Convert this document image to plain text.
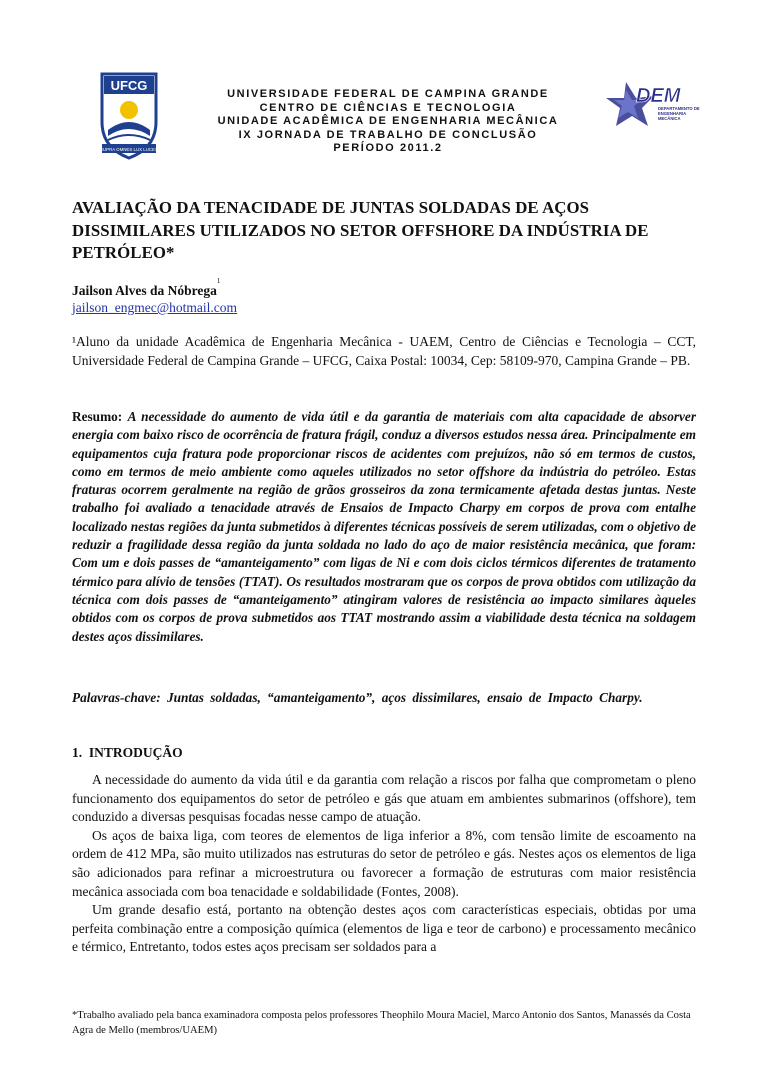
UFCG
SUPRA OMNES LUX LUCES
UNIVERSIDADE FEDERAL DE CAMPINA GRANDE
CENTRO DE CIÊNCIAS E TECNOLOGIA
UNIDADE ACADÊMICA DE ENGENHARIA MECÂNICA
IX JORNADA DE TRABALHO DE CONCLUSÃO
PERÍODO 2011.2
DEM
DEPARTAMENTO DE ENGENHARIA MECÂNICA
AVALIAÇÃO DA TENACIDADE DE JUNTAS SOLDADAS DE AÇOS DISSIMILARES UTILIZADOS NO SETOR OFFSHORE DA INDÚSTRIA DE PETRÓLEO*
Jailson Alves da Nóbrega$^1$
jailson_engmec@hotmail.com
¹Aluno da unidade Acadêmica de Engenharia Mecânica - UAEM, Centro de Ciências e Tecnologia – CCT, Universidade Federal de Campina Grande – UFCG, Caixa Postal: 10034, Cep: 58109-970, Campina Grande – PB.
Resumo: A necessidade do aumento de vida útil e da garantia de materiais com alta capacidade de absorver energia com baixo risco de ocorrência de fratura frágil, conduz a diversos estudos nessa área. Principalmente em equipamentos cuja fratura pode proporcionar riscos de acidentes com prejuízos, não só em termos de custos, como em termos de meio ambiente como aqueles utilizados no setor offshore da indústria do petróleo. Estas fraturas ocorrem geralmente na região de grãos grosseiros da zona termicamente afetada destas juntas. Neste trabalho foi avaliado a tenacidade através de Ensaios de Impacto Charpy em corpos de prova com entalhe localizado nestas regiões da junta submetidos à diferentes técnicas possíveis de serem utilizadas, com o objetivo de reduzir a fragilidade dessa região da junta soldada no lado do aço de maior resistência mecânica, que foram: Com um e dois passes de “amanteigamento” com ligas de Ni e com dois ciclos térmicos diferentes de tratamento térmico para alívio de tensões (TTAT). Os resultados mostraram que os corpos de prova obtidos com utilização da técnica com dois passes de “amanteigamento” atingiram valores de resistência ao impacto similares àqueles obtidos com os corpos de prova submetidos aos TTAT mostrando assim a viabilidade desta técnica na soldagem destes aços dissimilares.
Palavras-chave: Juntas soldadas, “amanteigamento”, aços dissimilares, ensaio de Impacto Charpy.
1. INTRODUÇÃO

A necessidade do aumento da vida útil e da garantia com relação a riscos por falha que comprometam o pleno funcionamento dos equipamentos do setor de petróleo e gás que atuam em ambientes submarinos (offshore), tem conduzido a diversas pesquisas focadas nesse campo de atuação.

Os aços de baixa liga, com teores de elementos de liga inferior a 8%, com tensão limite de escoamento na ordem de 412 MPa, são muito utilizados nas estruturas do setor de petróleo e gás. Nestes aços os elementos de liga são adicionados para refinar a microestrutura ou favorecer a formação de estruturas com maior resistência mecânica associada com boa tenacidade e soldabilidade (Fontes, 2008).

Um grande desafio está, portanto na obtenção destes aços com características especiais, obtidas por uma perfeita combinação entre a composição química (elementos de liga e teor de carbono) e processamento mecânico e térmico, Entretanto, todos estes aços precisam ser soldados para a

*Trabalho avaliado pela banca examinadora composta pelos professores Theophilo Moura Maciel, Marco Antonio dos Santos, Manassés da Costa Agra de Mello (membros/UAEM)
